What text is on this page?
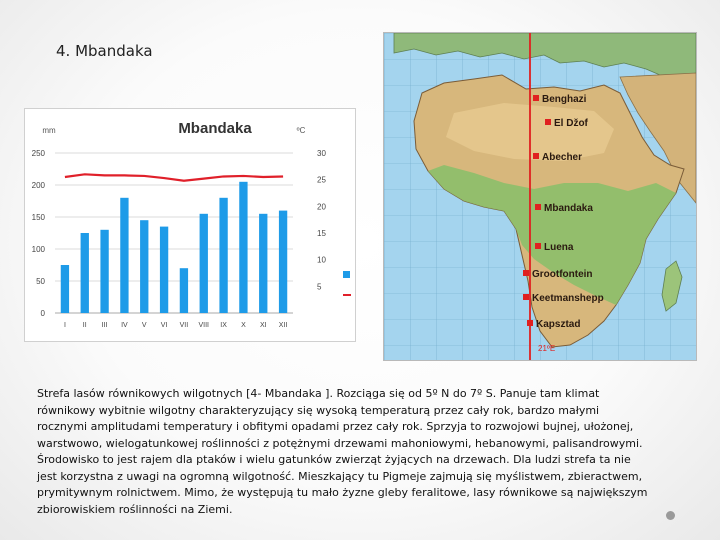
4. Mbandaka
Mbandaka
mm	ºC
0
50
100
150
200
250
5
10
15
20
25
30
I II III IV V VI VII VIII IX X XI XII
Benghazi
El Džof
Abecher
Mbandaka
Luena
Grootfontein
Keetmanshepp
Kapsztad
21ºE

Strefa lasów równikowych wilgotnych [4- Mbandaka ]. Rozciąga się od 5º N do 7º S. Panuje tam klimat równikowy wybitnie wilgotny charakteryzujący się wysoką temperaturą przez cały rok, bardzo małymi rocznymi amplitudami temperatury i obfitymi opadami przez cały rok. Sprzyja to rozwojowi bujnej, ułożonej, warstwowo, wielogatunkowej roślinności z potężnymi drzewami mahoniowymi, hebanowymi, palisandrowymi. Środowisko to jest rajem dla ptaków i wielu gatunków zwierząt żyjących na drzewach. Dla ludzi strefa ta nie jest korzystna z uwagi na ogromną wilgotność. Mieszkający tu Pigmeje zajmują się myślistwem, zbieractwem, prymitywnym rolnictwem. Mimo, że występują tu mało żyzne gleby feralitowe, lasy równikowe są największym zbiorowiskiem roślinności na Ziemi.
